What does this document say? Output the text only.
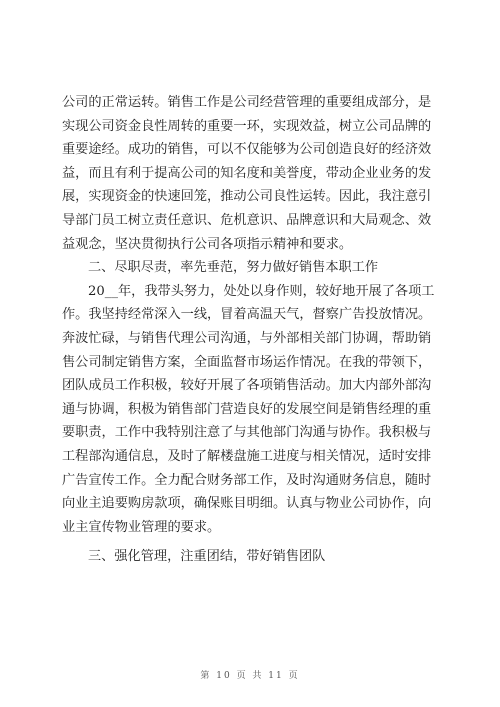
公司的正常运转。销售工作是公司经营管理的重要组成部分，是
实现公司资金良性周转的重要一环，实现效益，树立公司品牌的
重要途经。成功的销售，可以不仅能够为公司创造良好的经济效
益，而且有利于提高公司的知名度和美誉度，带动企业业务的发
展，实现资金的快速回笼，推动公司良性运转。因此，我注意引
导部门员工树立责任意识、危机意识、品牌意识和大局观念、效
益观念，坚决贯彻执行公司各项指示精神和要求。

二、尽职尽责，率先垂范，努力做好销售本职工作

20__年，我带头努力，处处以身作则，较好地开展了各项工
作。我坚持经常深入一线，冒着高温天气，督察广告投放情况。
奔波忙碌，与销售代理公司沟通，与外部相关部门协调，帮助销
售公司制定销售方案，全面监督市场运作情况。在我的带领下，
团队成员工作积极，较好开展了各项销售活动。加大内部外部沟
通与协调，积极为销售部门营造良好的发展空间是销售经理的重
要职责，工作中我特别注意了与其他部门沟通与协作。我积极与
工程部沟通信息，及时了解楼盘施工进度与相关情况，适时安排
广告宣传工作。全力配合财务部工作，及时沟通财务信息，随时
向业主追要购房款项，确保账目明细。认真与物业公司协作，向
业主宣传物业管理的要求。

三、强化管理，注重团结，带好销售团队

第 10 页 共 11 页
